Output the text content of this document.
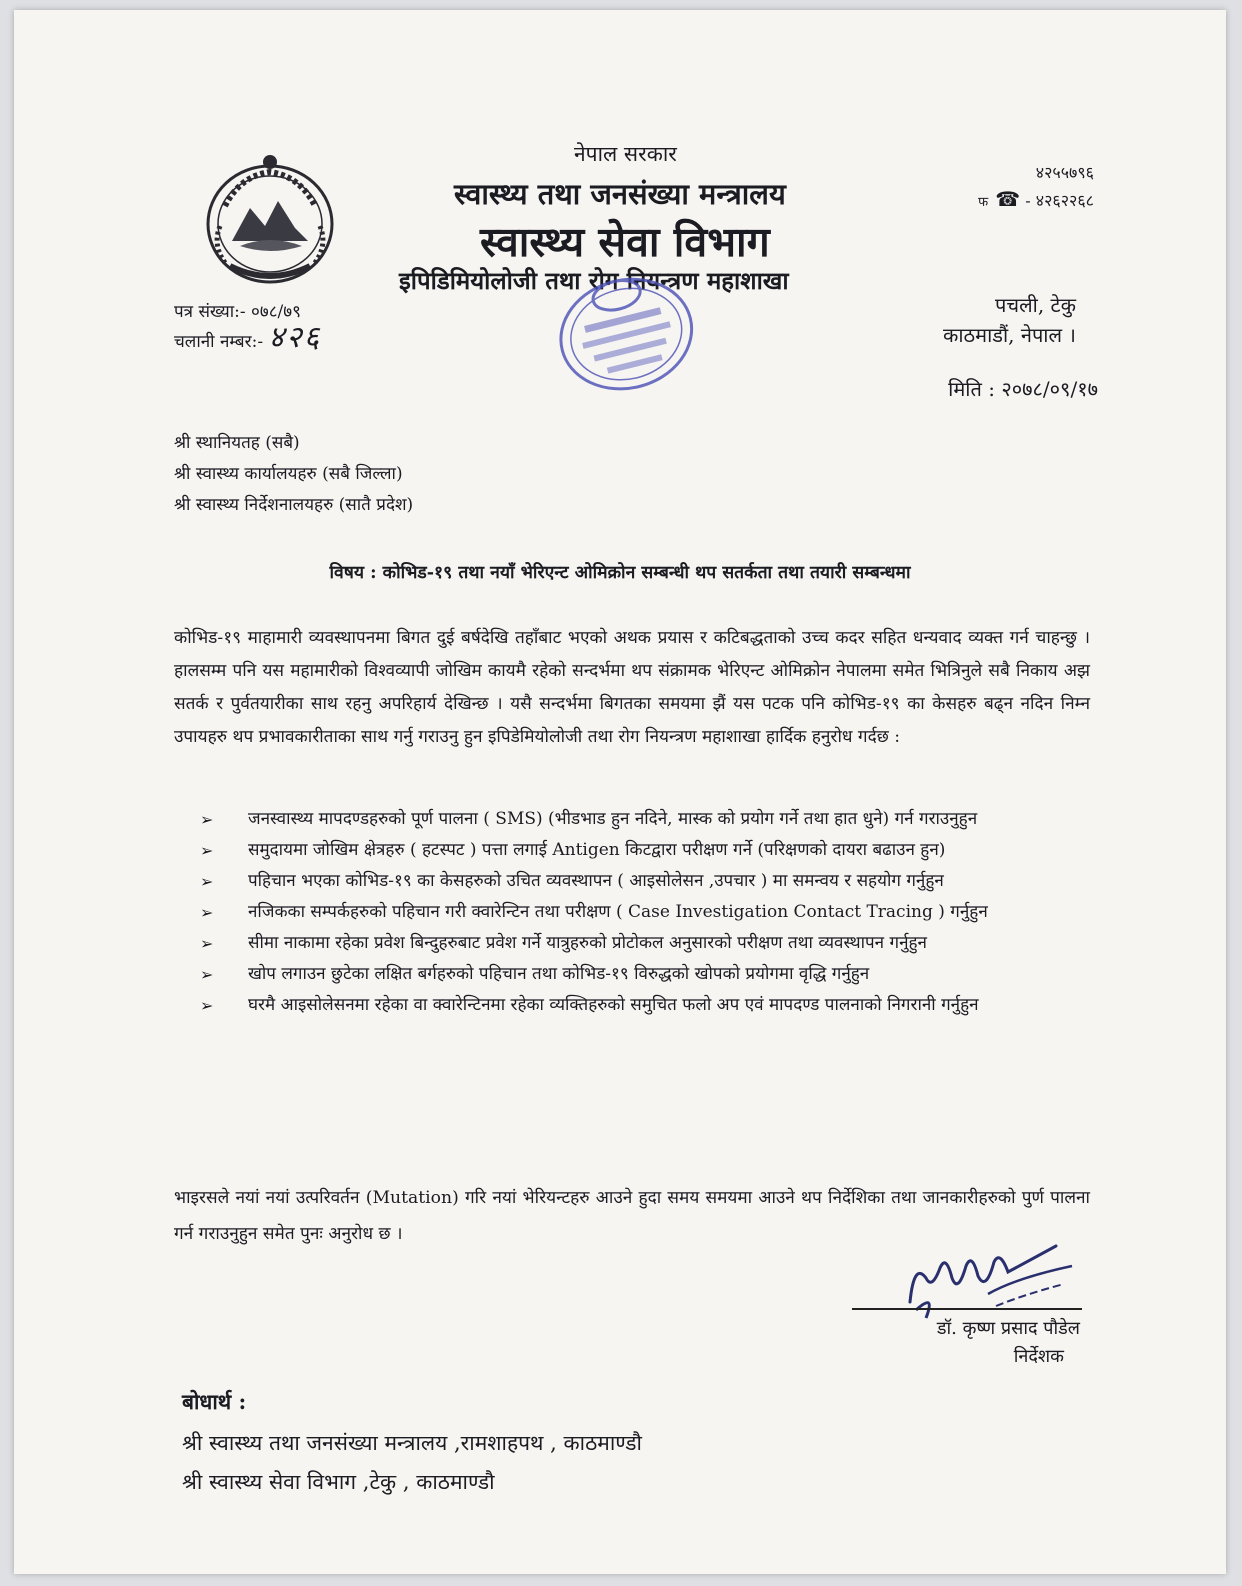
नेपाल सरकार
स्वास्थ्य तथा जनसंख्या मन्त्रालय
स्वास्थ्य सेवा विभाग
इपिडिमियोलोजी तथा रोग नियन्त्रण महाशाखा
४२५५७९६
फ ☎ - ४२६२२६८
पत्र संख्या:- ०७८/७९
चलानी नम्बर:- ४२६
पचली, टेकु
काठमाडौं, नेपाल ।
मिति : २०७८/०९/१७
श्री स्थानियतह (सबै)
श्री स्वास्थ्य कार्यालयहरु (सबै जिल्ला)
श्री स्वास्थ्य निर्देशनालयहरु (सातै प्रदेश)
विषय : कोभिड-१९ तथा नयाँ भेरिएन्ट ओमिक्रोन सम्बन्धी थप सतर्कता तथा तयारी सम्बन्धमा
कोभिड-१९ माहामारी व्यवस्थापनमा बिगत दुई बर्षदेखि तहाँबाट भएको अथक प्रयास र कटिबद्धताको उच्च कदर सहित धन्यवाद व्यक्त गर्न चाहन्छु । हालसम्म पनि यस महामारीको विश्वव्यापी जोखिम कायमै रहेको सन्दर्भमा थप संक्रामक भेरिएन्ट ओमिक्रोन नेपालमा समेत भित्रिनुले सबै निकाय अझ सतर्क र पुर्वतयारीका साथ रहनु अपरिहार्य देखिन्छ । यसै सन्दर्भमा बिगतका समयमा झैं यस पटक पनि कोभिड-१९ का केसहरु बढ्न नदिन निम्न उपायहरु थप प्रभावकारीताका साथ गर्नु गराउनु हुन इपिडेमियोलोजी तथा रोग नियन्त्रण महाशाखा हार्दिक हनुरोध गर्दछ :
➢ जनस्वास्थ्य मापदण्डहरुको पूर्ण पालना ( SMS) (भीडभाड हुन नदिने, मास्क को प्रयोग गर्ने तथा हात धुने) गर्न गराउनुहुन
➢ समुदायमा जोखिम क्षेत्रहरु ( हटस्पट ) पत्ता लगाई Antigen किटद्वारा परीक्षण गर्ने (परिक्षणको दायरा बढाउन हुन)
➢ पहिचान भएका कोभिड-१९ का केसहरुको उचित व्यवस्थापन ( आइसोलेसन ,उपचार ) मा समन्वय र सहयोग गर्नुहुन
➢ नजिकका सम्पर्कहरुको पहिचान गरी क्वारेन्टिन तथा परीक्षण ( Case Investigation Contact Tracing ) गर्नुहुन
➢ सीमा नाकामा रहेका प्रवेश बिन्दुहरुबाट प्रवेश गर्ने यात्रुहरुको प्रोटोकल अनुसारको परीक्षण तथा व्यवस्थापन गर्नुहुन
➢ खोप लगाउन छुटेका लक्षित बर्गहरुको पहिचान तथा कोभिड-१९ विरुद्धको खोपको प्रयोगमा वृद्धि गर्नुहुन
➢ घरमै आइसोलेसनमा रहेका वा क्वारेन्टिनमा रहेका व्यक्तिहरुको समुचित फलो अप एवं मापदण्ड पालनाको निगरानी गर्नुहुन
भाइरसले नयां नयां उत्परिवर्तन (Mutation) गरि नयां भेरियन्टहरु आउने हुदा समय समयमा आउने थप निर्देशिका तथा जानकारीहरुको पुर्ण पालना गर्न गराउनुहुन समेत पुनः अनुरोध छ ।
डॉ. कृष्ण प्रसाद पौडेल
निर्देशक
बोधार्थ :
श्री स्वास्थ्य तथा जनसंख्या मन्त्रालय ,रामशाहपथ , काठमाण्डौ
श्री स्वास्थ्य सेवा विभाग ,टेकु , काठमाण्डौ
